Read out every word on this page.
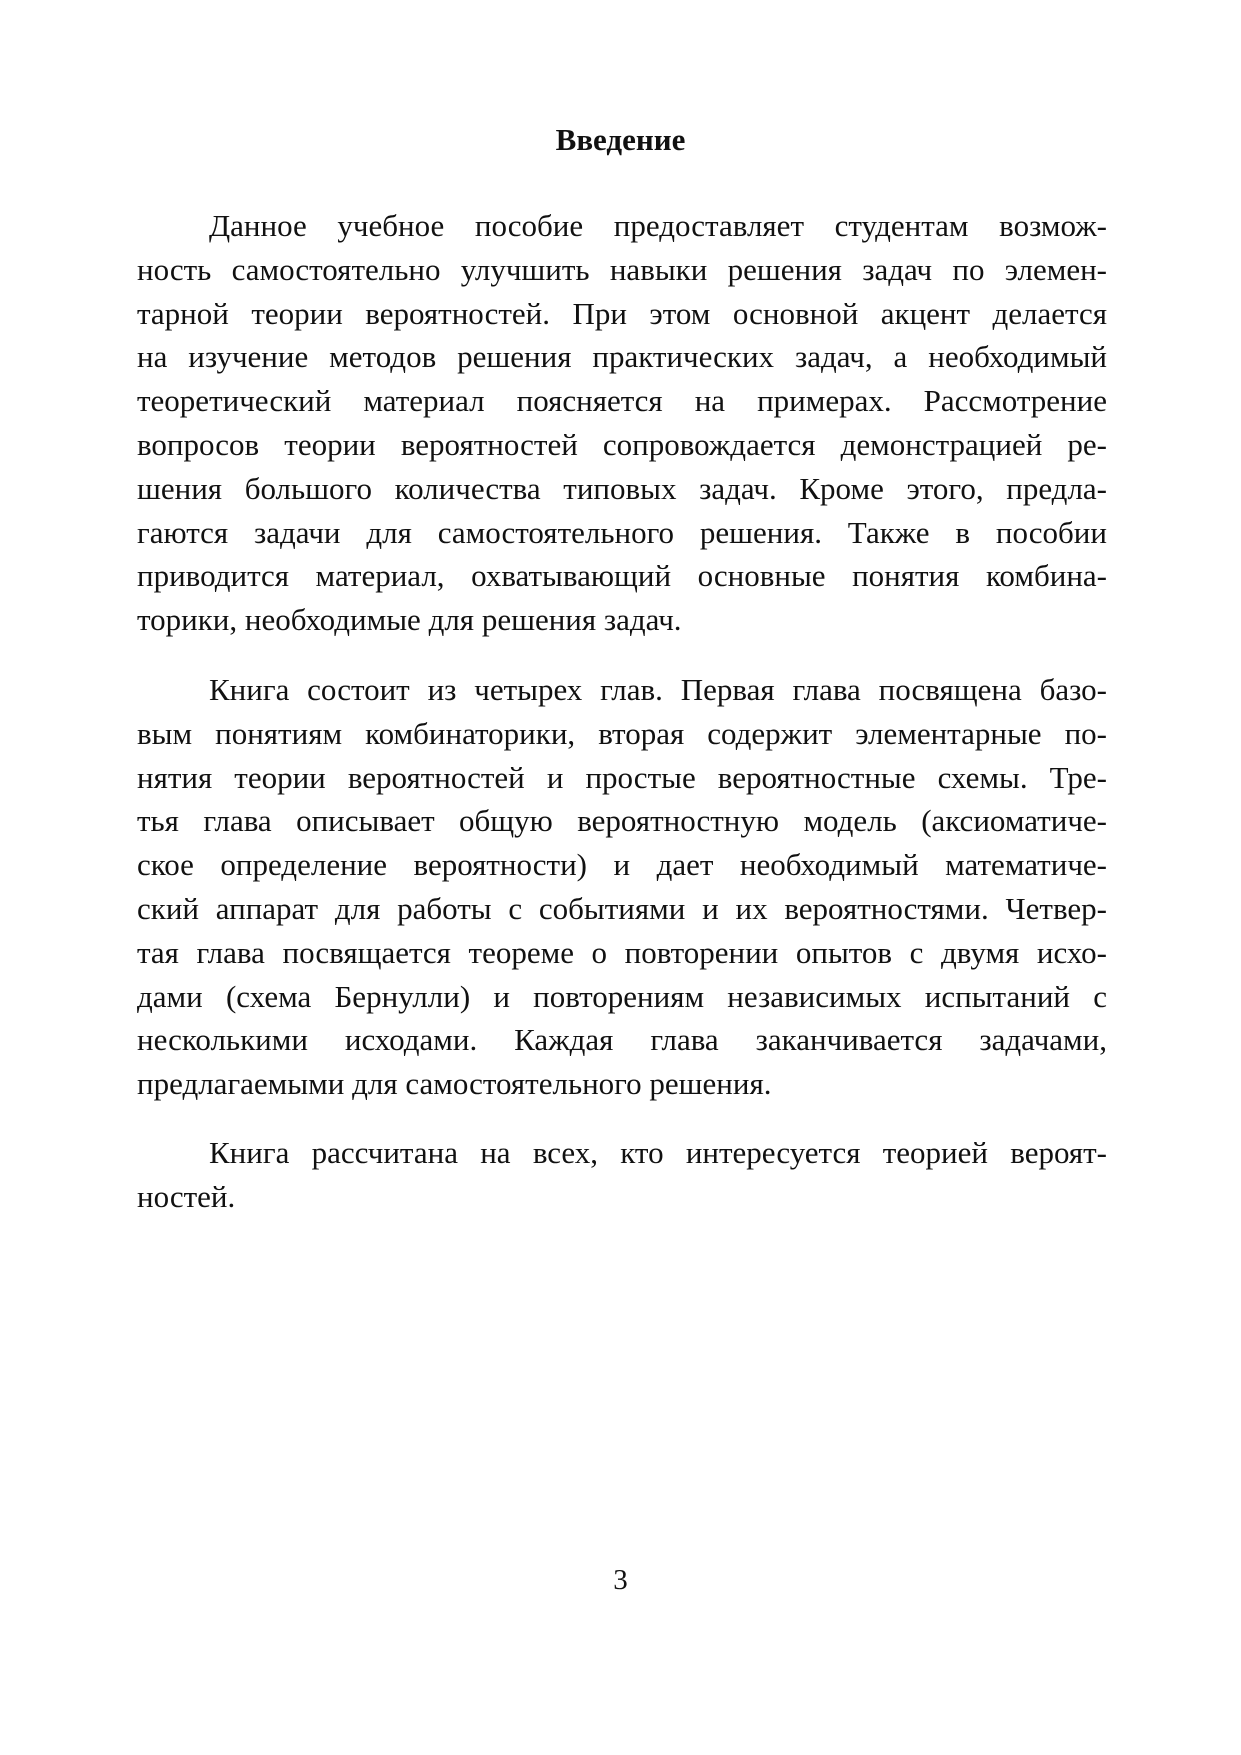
Введение

Данное учебное пособие предоставляет студентам возмож-
ность самостоятельно улучшить навыки решения задач по элемен-
тарной теории вероятностей. При этом основной акцент делается
на изучение методов решения практических задач, а необходимый
теоретический материал поясняется на примерах. Рассмотрение
вопросов теории вероятностей сопровождается демонстрацией ре-
шения большого количества типовых задач. Кроме этого, предла-
гаются задачи для самостоятельного решения. Также в пособии
приводится материал, охватывающий основные понятия комбина-
торики, необходимые для решения задач.

Книга состоит из четырех глав. Первая глава посвящена базо-
вым понятиям комбинаторики, вторая содержит элементарные по-
нятия теории вероятностей и простые вероятностные схемы. Тре-
тья глава описывает общую вероятностную модель (аксиоматиче-
ское определение вероятности) и дает необходимый математиче-
ский аппарат для работы с событиями и их вероятностями. Четвер-
тая глава посвящается теореме о повторении опытов с двумя исхо-
дами (схема Бернулли) и повторениям независимых испытаний с
несколькими исходами. Каждая глава заканчивается задачами,
предлагаемыми для самостоятельного решения.

Книга рассчитана на всех, кто интересуется теорией вероят-
ностей.

3
